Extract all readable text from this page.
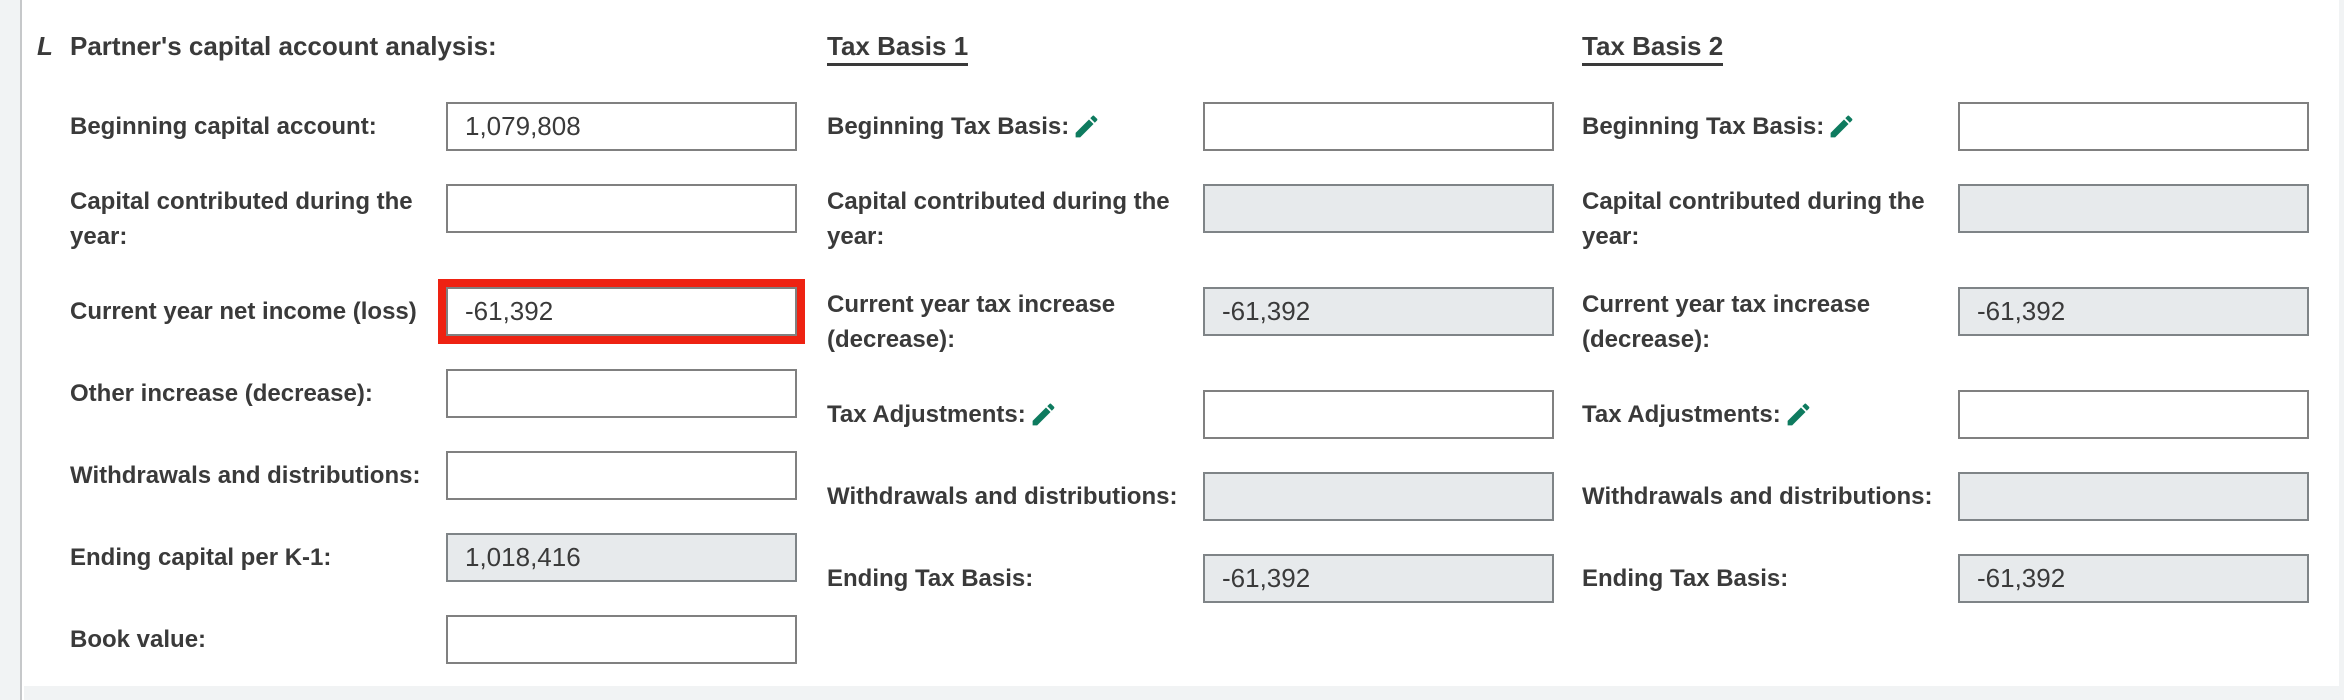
L Partner's capital account analysis:
Beginning capital account:
1,079,808
Capital contributed during the year:
Current year net income (loss)
-61,392
Other increase (decrease):
Withdrawals and distributions:
Ending capital per K-1:
1,018,416
Book value:
Tax Basis 1
Beginning Tax Basis:
Capital contributed during the year:
Current year tax increase (decrease):
-61,392
Tax Adjustments:
Withdrawals and distributions:
Ending Tax Basis:
-61,392
Tax Basis 2
Beginning Tax Basis:
Capital contributed during the year:
Current year tax increase (decrease):
-61,392
Tax Adjustments:
Withdrawals and distributions:
Ending Tax Basis:
-61,392
